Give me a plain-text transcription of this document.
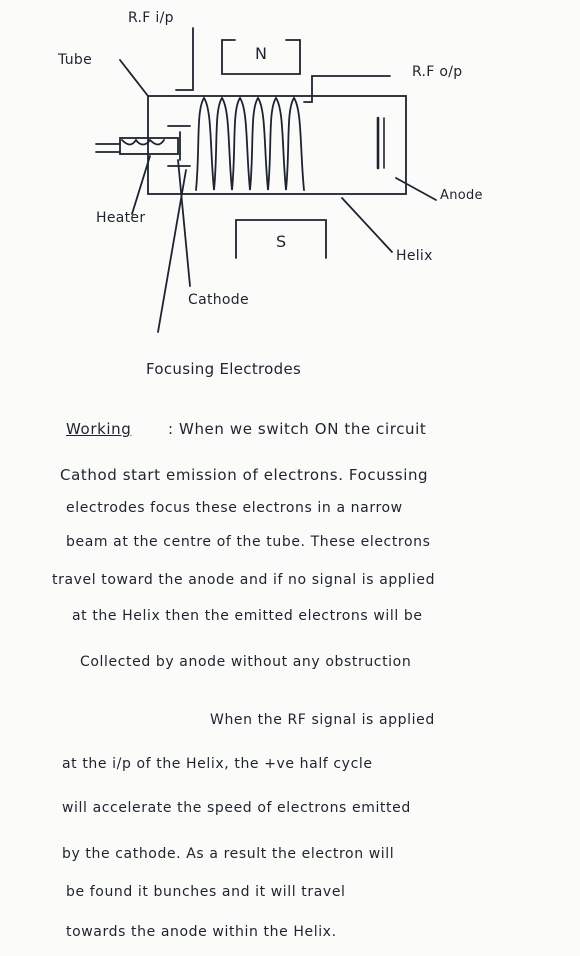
R.F i/p
N
Tube
R.F o/p
Anode
Heater
S
Helix
Cathode
Focusing Electrodes
Working : When we switch ON the circuit
Cathod start emission of electrons. Focussing
electrodes focus these electrons in a narrow
beam at the centre of the tube. These electrons
travel toward the anode and if no signal is applied
at the Helix then the emitted electrons will be
Collected by anode without any obstruction
When the RF signal is applied
at the i/p of the Helix, the +ve half cycle
will accelerate the speed of electrons emitted
by the cathode. As a result the electron will
be found it bunches and it will travel
towards the anode within the Helix.
